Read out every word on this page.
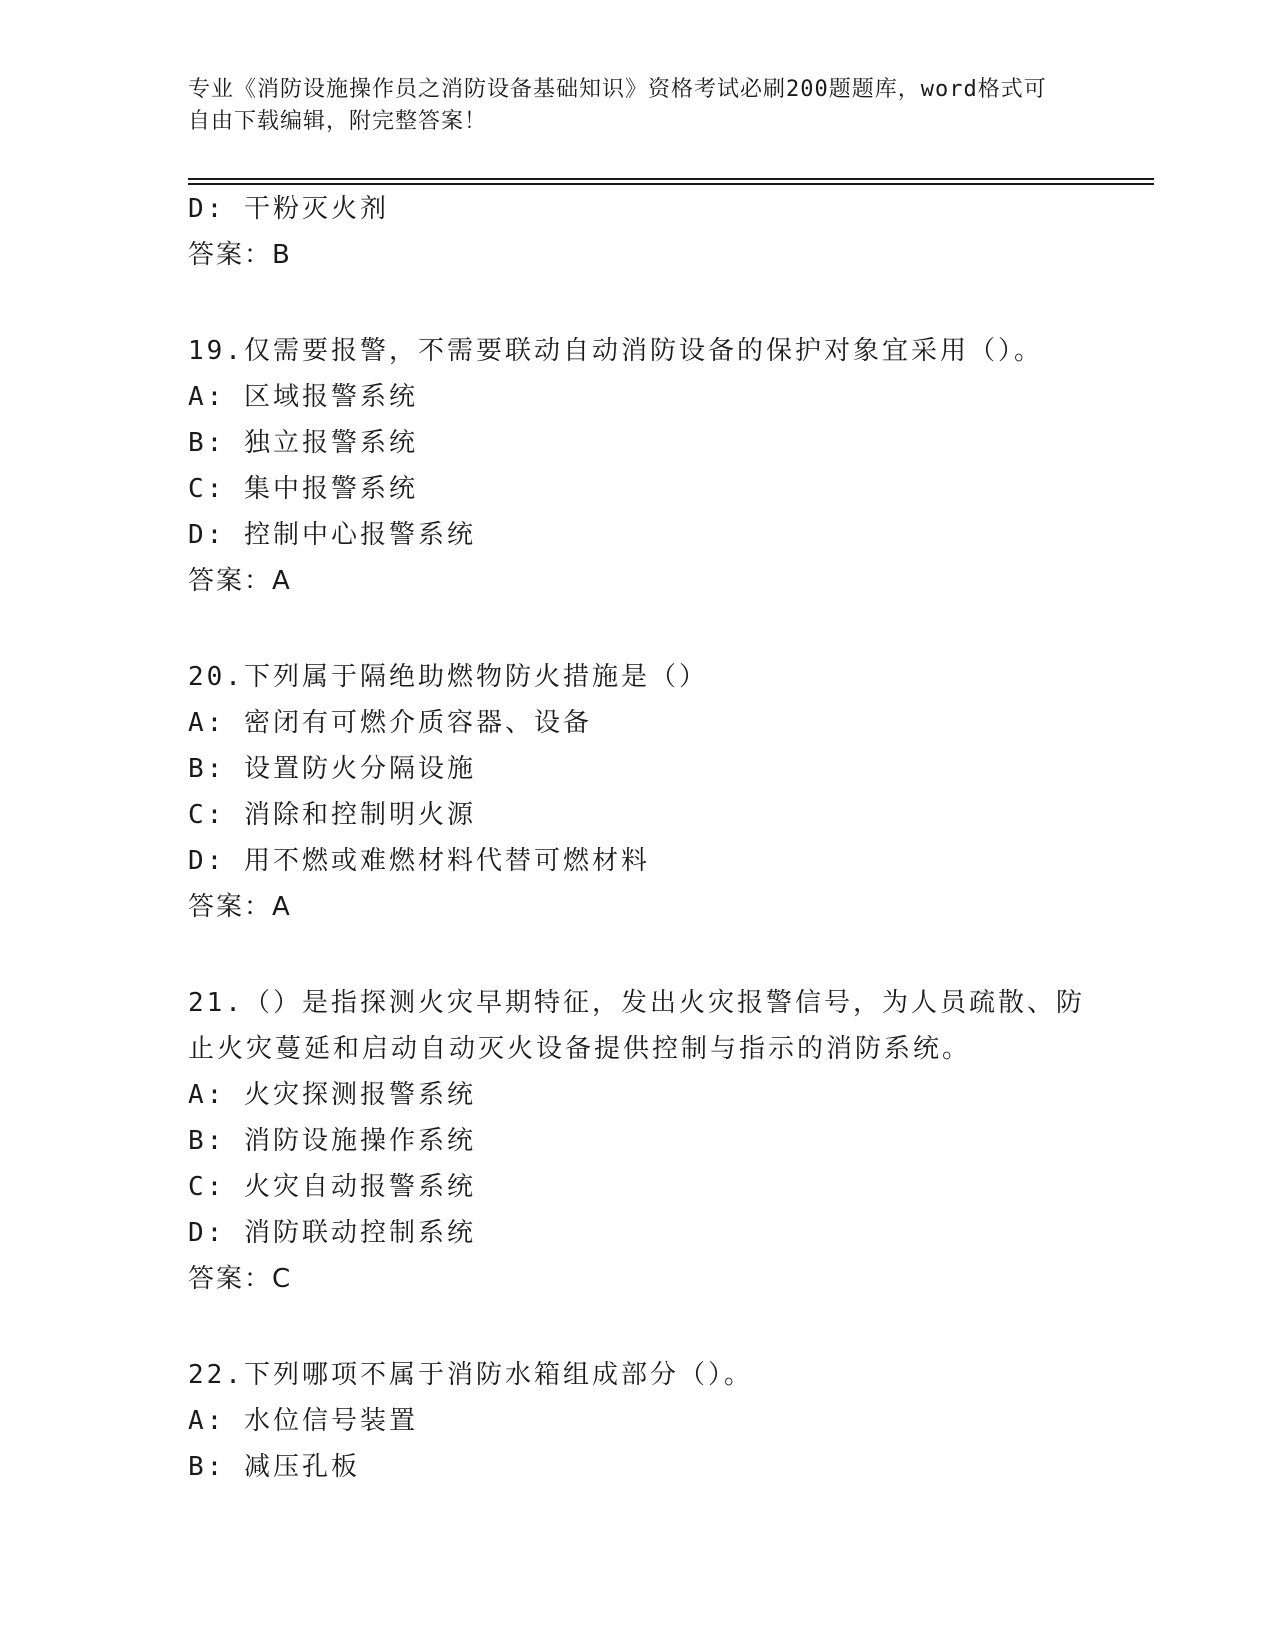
专业《消防设施操作员之消防设备基础知识》资格考试必刷200题题库，word格式可自由下载编辑，附完整答案！
D: 干粉灭火剂
答案：B
19.仅需要报警，不需要联动自动消防设备的保护对象宜采用（）。
A: 区域报警系统
B: 独立报警系统
C: 集中报警系统
D: 控制中心报警系统
答案：A
20.下列属于隔绝助燃物防火措施是（）
A: 密闭有可燃介质容器、设备
B: 设置防火分隔设施
C: 消除和控制明火源
D: 用不燃或难燃材料代替可燃材料
答案：A
21.（）是指探测火灾早期特征，发出火灾报警信号，为人员疏散、防
止火灾蔓延和启动自动灭火设备提供控制与指示的消防系统。
A: 火灾探测报警系统
B: 消防设施操作系统
C: 火灾自动报警系统
D: 消防联动控制系统
答案：C
22.下列哪项不属于消防水箱组成部分（）。
A: 水位信号装置
B: 减压孔板
